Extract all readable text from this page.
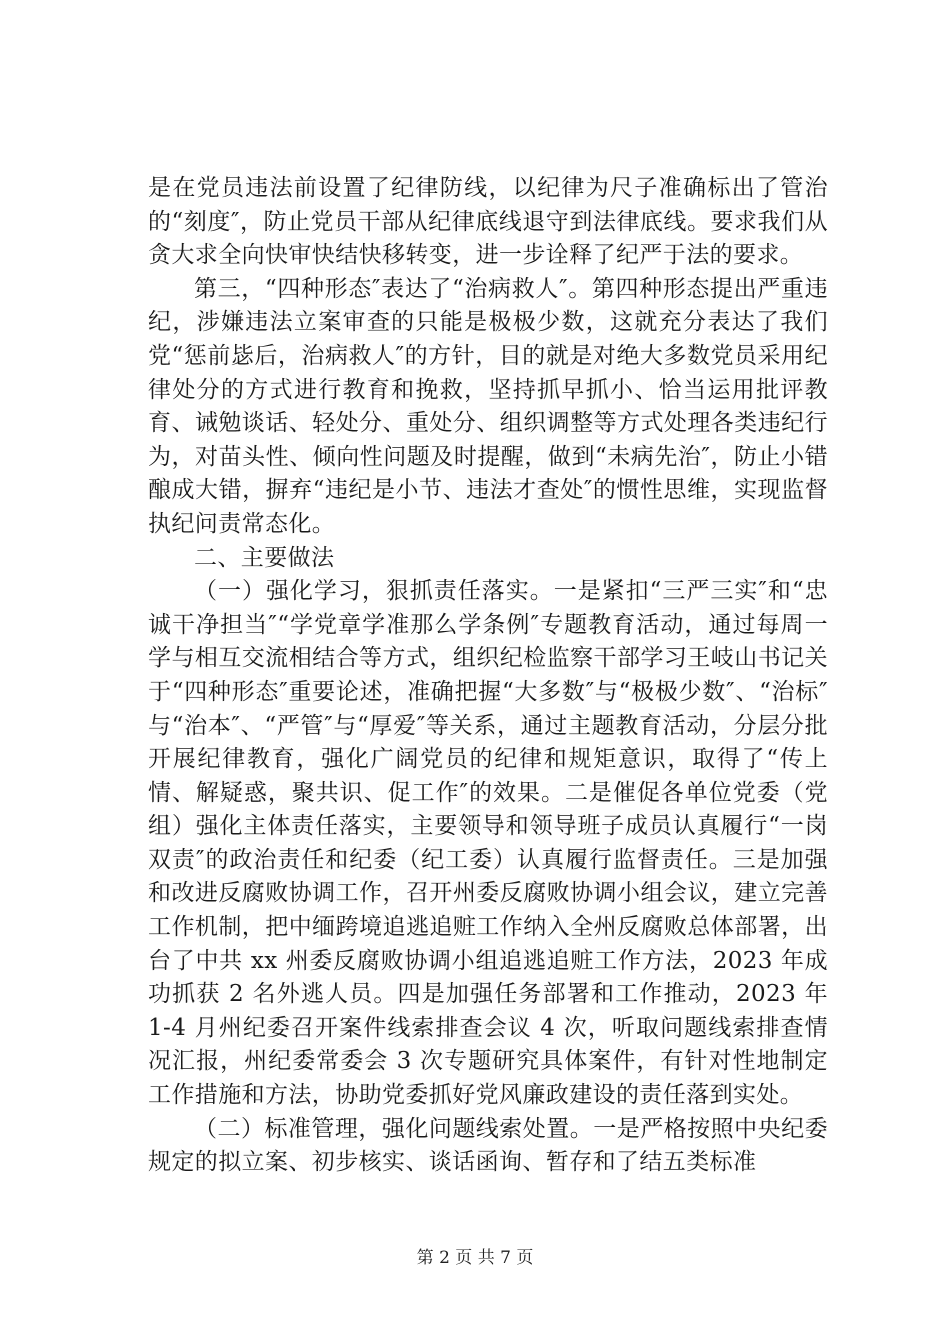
是在党员违法前设置了纪律防线，以纪律为尺子准确标出了管治的“刻度″，防止党员干部从纪律底线退守到法律底线。要求我们从贪大求全向快审快结快移转变，进一步诠释了纪严于法的要求。

第三，“四种形态″表达了“治病救人″。第四种形态提出严重违纪，涉嫌违法立案审查的只能是极极少数，这就充分表达了我们党“惩前毖后，治病救人″的方针，目的就是对绝大多数党员采用纪律处分的方式进行教育和挽救，坚持抓早抓小、恰当运用批评教育、诫勉谈话、轻处分、重处分、组织调整等方式处理各类违纪行为，对苗头性、倾向性问题及时提醒，做到“未病先治″，防止小错酿成大错，摒弃“违纪是小节、违法才查处″的惯性思维，实现监督执纪问责常态化。

二、主要做法

（一）强化学习，狠抓责任落实。一是紧扣“三严三实″和“忠诚干净担当″“学党章学准那么学条例″专题教育活动，通过每周一学与相互交流相结合等方式，组织纪检监察干部学习王岐山书记关于“四种形态″重要论述，准确把握“大多数″与“极极少数″、“治标″与“治本″、“严管″与“厚爱″等关系，通过主题教育活动，分层分批开展纪律教育，强化广阔党员的纪律和规矩意识，取得了“传上情、解疑惑，聚共识、促工作″的效果。二是催促各单位党委（党组）强化主体责任落实，主要领导和领导班子成员认真履行“一岗双责″的政治责任和纪委（纪工委）认真履行监督责任。三是加强和改进反腐败协调工作，召开州委反腐败协调小组会议，建立完善工作机制，把中缅跨境追逃追赃工作纳入全州反腐败总体部署，出台了中共 xx 州委反腐败协调小组追逃追赃工作方法，2023 年成功抓获 2 名外逃人员。四是加强任务部署和工作推动，2023 年 1-4 月州纪委召开案件线索排查会议 4 次，听取问题线索排查情况汇报，州纪委常委会 3 次专题研究具体案件，有针对性地制定工作措施和方法，协助党委抓好党风廉政建设的责任落到实处。

（二）标准管理，强化问题线索处置。一是严格按照中央纪委规定的拟立案、初步核实、谈话函询、暂存和了结五类标准

第 2 页 共 7 页
